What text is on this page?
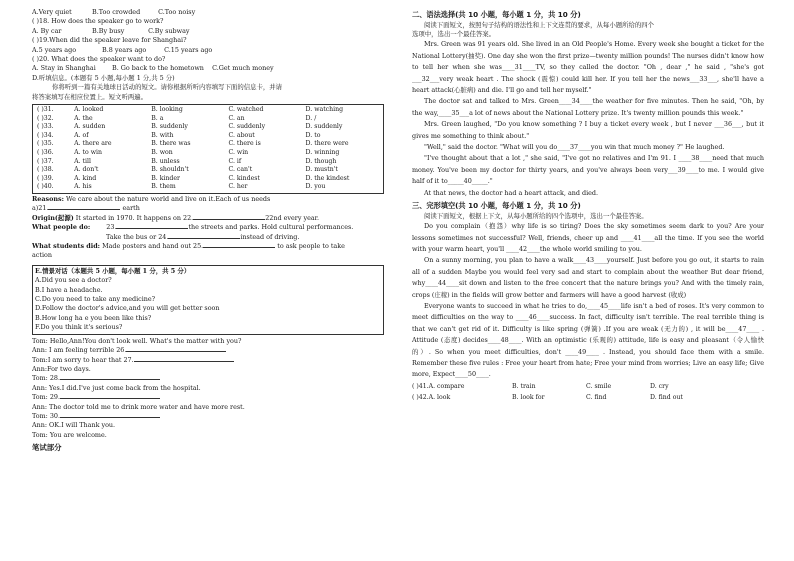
A.Very quiet	B.Too crowded	C.Too noisy
( )18. How does the speaker go to work?
A. By car	B.By busy	C.By subway
( )19.When did the speaker leave for Shanghai?
A.5 years ago	B.8 years ago	C.15 years ago
( )20. What does the speaker want to do?
A. Stay in Shanghai	B. Go back to the hometown C.Get much money
D.听填信息。(本题有 5 小题,每小题 1 分,共 5 分)
你将听到一篇有关地球日活动的短文。请你根据所听内容填写下面的信息卡，并请
将答案填写在相应位置上。短文听两遍。
( )31.	A. looked	B. looking	C. watched	D. watching
( )32.	A. the	B. a	C. an	D. /
( )33.	A. sudden	B. suddenly	C. suddenly	D. suddenly
( )34.	A. of	B. with	C. about	D. to
( )35.	A. there are	B. there was	C. there is	D. there were
( )36.	A. to win	B. won	C. win	D. winning
( )37.	A. till	B. unless	C. if	D. though
( )38.	A. don't	B. shouldn't	C. can't	D. mustn't
( )39.	A. kind	B. kinder	C. kindest	D. the kindest
( )40.	A. his	B. them	C. her	D. you
Reasons: We care about the nature world and live on it.Each of us needs
a)21.	earth
Origin(起源) It started in 1970. It happens on 22.	22nd every year.
What people do:	23.	the streets and parks. Hold cultural performances.
Take the bus or 24.	instead of driving.
What students did: Made posters and hand out 25.	to ask people to take
action
E.情景对话（本题共 5 小题，每小题 1 分，共 5 分）
A.Did you see a doctor?
B.I have a headache.
C.Do you need to take any medicine?
D.Follow the doctor's advice,and you will get better soon
B.How long ha e you been like this?
F.Do you think it's serious?
Tom: Hello,Ann!You don't look well. What's the matter with you?
Ann: I am feeling terrible 26.
Tom:I am sorry to hear that 27.
Ann:For two days.
Tom: 28.
Ann: Yes.I did.I've just come back from the hospital.
Tom: 29.
Ann: The doctor told me to drink more water and have more rest.
Tom: 30.
Ann: OK.I will Thank you.
Tom: You are welcome.
笔试部分
二、语法选择(共 10 小题，每小题 1 分，共 10 分)
阅读下面短文，按照句子结构的语法性和上下文连贯的要求，从每小题所给的四个
选项中，选出一个最佳答案。
Mrs. Green was 91 years old. She lived in an Old People's Home. Every week she bought a ticket for the National Lottery(抽奖). One day she won the first prize—twenty million pounds! The nurses didn't know how to tell her when she was____31____TV, so they called the doctor. "Oh , dear ," he said , "she's got ___32___very weak heart . The shock (震惊) could kill her. If you tell her the news___33___, she'll have a heart attack(心脏病) and die. I'll go and tell her myself."
The doctor sat and talked to Mrs. Green____34____the weather for five minutes. Then he said, "Oh, by the way,____35___a lot of news about the National Lottery prize. It's twenty million pounds this week."
Mrs. Green laughed, "Do you know something ? I buy a ticket every week , but I never ___36___, but it gives me something to think about."
"Well," said the doctor. "What will you do____37____you win that much money ?" He laughed.
"I've thought about that a lot ," she said, "I've got no relatives and I'm 91. I ____38____need that much money. You've been my doctor for thirty years, and you've always been very___39____to me. I would give half of it to_____40_____."
At that news, the doctor had a heart attack, and died.
三、完形填空(共 10 小题，每小题 1 分，共 10 分)
阅读下面短文，根据上下文，从每小题所给的四个选项中，选出一个最佳答案。
Do you complain（抱怨）why life is so tiring? Does the sky sometimes seem dark to you? Are your lessons sometimes not successful? Well, friends, cheer up and ____41____all the time. If you see the world with your warm heart, you'll ____42____the whole world smiling to you.
On a sunny morning, you plan to have a walk____43____yourself. Just before you go out, it starts to rain all of a sudden Maybe you would feel very sad and start to complain about the weather But dear friend, why____44____sit down and listen to the free concert that the nature brings you? And with the timely rain, crops (庄稼) in the fields will grow better and farmers will have a good harvest (收成)
Everyone wants to succeed in what he tries to do,____45____life isn't a bed of roses. It's very common to meet difficulties on the way to ____46____success. In fact, difficulty isn't terrible. The real terrible thing is that we can't get rid of it. Difficulty is like spring (弹簧) .If you are weak (无力的) , it will be____47____ . Attitude (态度) decides____48____. With an optimistic (乐观的) attitude, life is easy and pleasant（令人愉快的）. So when you meet difficulties, don't ____49____ . Instead, you should face them with a smile. Remember these five rules : Free your heart from hate; Free your mind from worries; Live an easy life; Give more, Expect____50____.
( )41.A. compare	B. train	C. smile	D. cry
( )42.A. look	B. look for	C. find	D. find out
